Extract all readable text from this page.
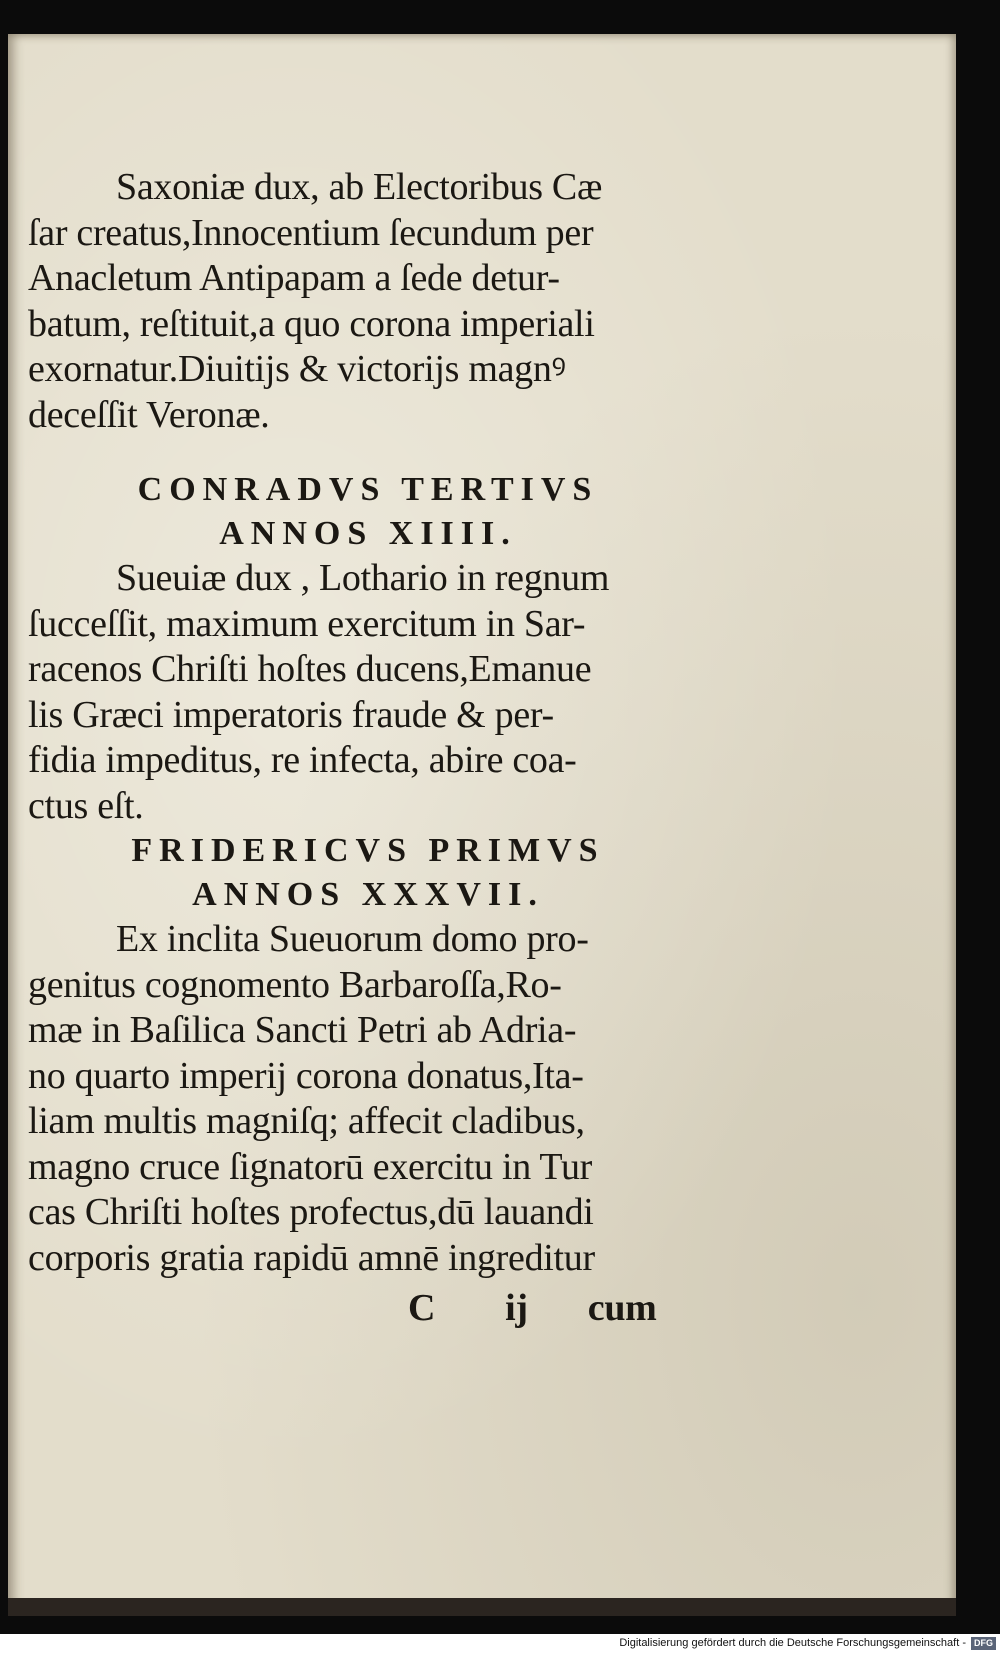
Saxoniæ dux, ab Electoribus Cæ
ſar creatus,Innocentium ſecundum per
Anacletum Antipapam a ſede detur-
batum, reſtituit,a quo corona imperiali
exornatur.Diuitijs & victorijs magnꝰ
deceſſit Veronæ.
CONRADVS TERTIVS
ANNOS XIIII.
Sueuiæ dux , Lothario in regnum
ſucceſſit, maximum exercitum in Sar-
racenos Chriſti hoſtes ducens,Emanue
lis Græci imperatoris fraude & per-
fidia impeditus, re infecta, abire coa-
ctus eſt.
FRIDERICVS PRIMVS
ANNOS XXXVII.
Ex inclita Sueuorum domo pro-
genitus cognomento Barbaroſſa,Ro-
mæ in Baſilica Sancti Petri ab Adria-
no quarto imperij corona donatus,Ita-
liam multis magniſq; affecit cladibus,
magno cruce ſignatorū exercitu in Tur
cas Chriſti hoſtes profectus,dū lauandi
corporis gratia rapidū amnē ingreditur
C ij cum
Digitalisierung gefördert durch die Deutsche Forschungsgemeinschaft - DFG
